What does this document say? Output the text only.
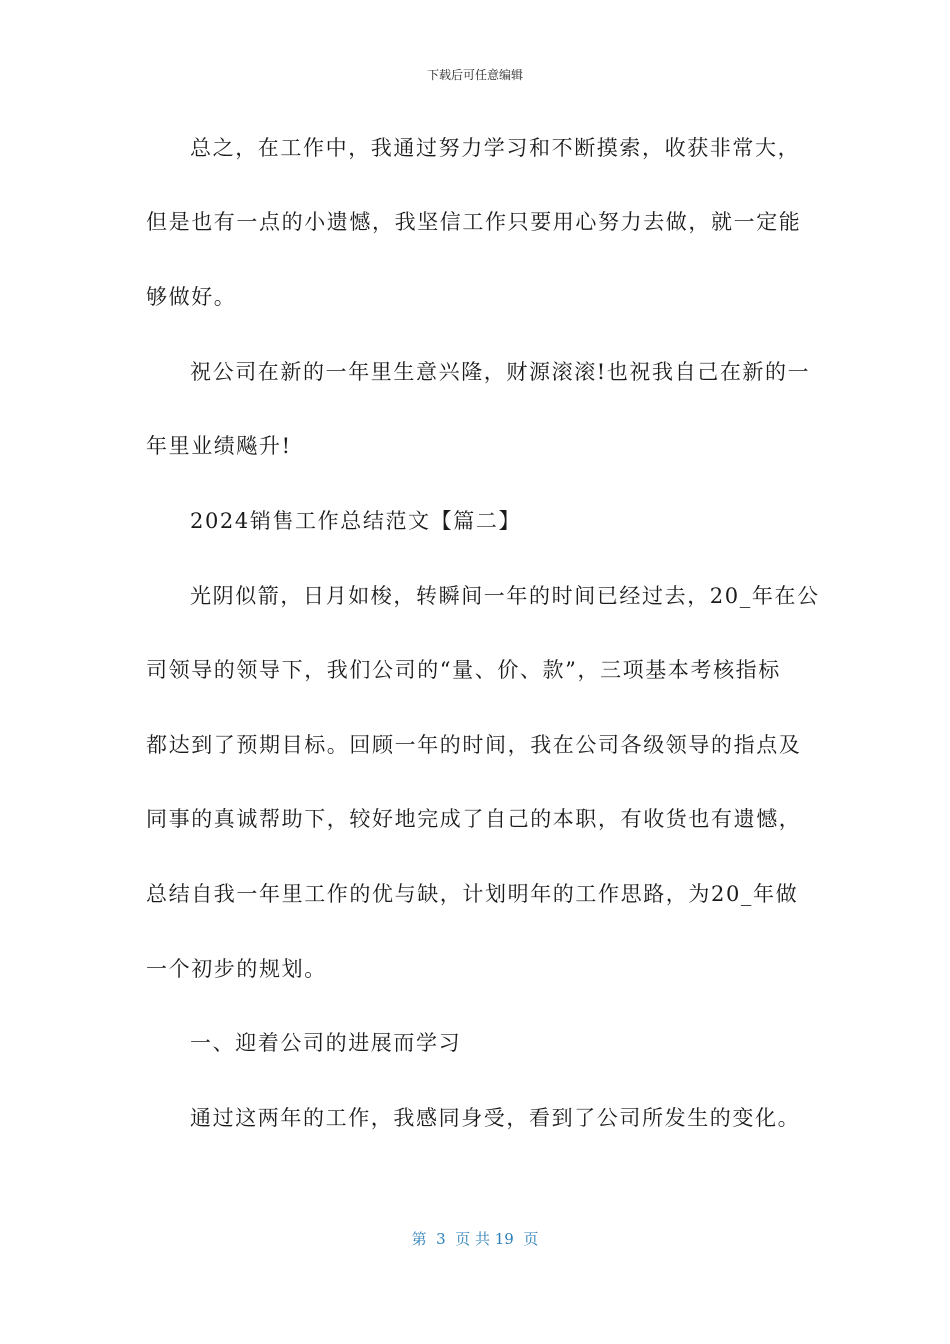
下载后可任意编辑
总之，在工作中，我通过努力学习和不断摸索，收获非常大，
但是也有一点的小遗憾，我坚信工作只要用心努力去做，就一定能
够做好。
祝公司在新的一年里生意兴隆，财源滚滚!也祝我自己在新的一
年里业绩飚升!
2024销售工作总结范文【篇二】
光阴似箭，日月如梭，转瞬间一年的时间已经过去，20_年在公
司领导的领导下，我们公司的“量、价、款”，三项基本考核指标
都达到了预期目标。回顾一年的时间，我在公司各级领导的指点及
同事的真诚帮助下，较好地完成了自己的本职，有收货也有遗憾，
总结自我一年里工作的优与缺，计划明年的工作思路，为20_年做
一个初步的规划。
一、迎着公司的进展而学习
通过这两年的工作，我感同身受，看到了公司所发生的变化。
第  3  页 共 19  页
